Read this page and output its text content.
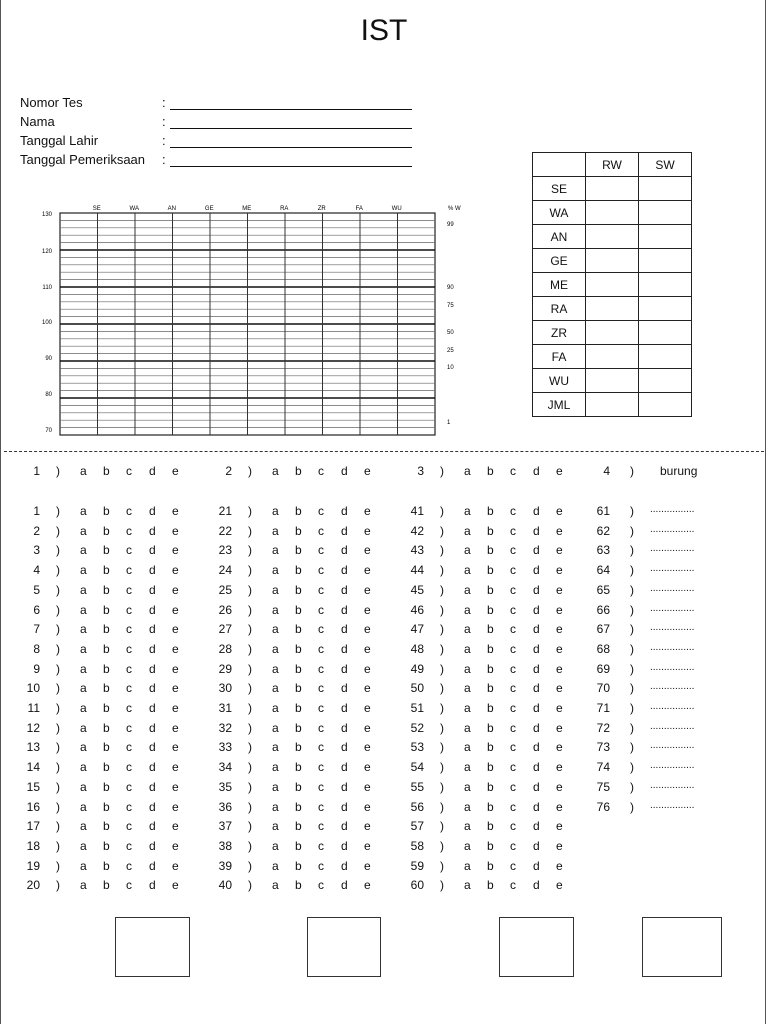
IST
Nomor Tes	:
Nama	:
Tanggal Lahir	:
Tanggal Pemeriksaan :
SE	WA	AN	GE	ME	RA	ZR	FA	WU	% W
130
120
110
100
90
80
70
99
90
75
50
25
10
1
	RW	SW
SE		
WA		
AN		
GE		
ME		
RA		
ZR		
FA		
WU		
JML		
1 ) a b c d e	2 ) a b c d e	3 ) a b c d e	4 ) burung
1 ) a b c d e	21 ) a b c d e	41 ) a b c d e	61 ) ................
2 ) a b c d e	22 ) a b c d e	42 ) a b c d e	62 ) ................
3 ) a b c d e	23 ) a b c d e	43 ) a b c d e	63 ) ................
4 ) a b c d e	24 ) a b c d e	44 ) a b c d e	64 ) ................
5 ) a b c d e	25 ) a b c d e	45 ) a b c d e	65 ) ................
6 ) a b c d e	26 ) a b c d e	46 ) a b c d e	66 ) ................
7 ) a b c d e	27 ) a b c d e	47 ) a b c d e	67 ) ................
8 ) a b c d e	28 ) a b c d e	48 ) a b c d e	68 ) ................
9 ) a b c d e	29 ) a b c d e	49 ) a b c d e	69 ) ................
10 ) a b c d e	30 ) a b c d e	50 ) a b c d e	70 ) ................
11 ) a b c d e	31 ) a b c d e	51 ) a b c d e	71 ) ................
12 ) a b c d e	32 ) a b c d e	52 ) a b c d e	72 ) ................
13 ) a b c d e	33 ) a b c d e	53 ) a b c d e	73 ) ................
14 ) a b c d e	34 ) a b c d e	54 ) a b c d e	74 ) ................
15 ) a b c d e	35 ) a b c d e	55 ) a b c d e	75 ) ................
16 ) a b c d e	36 ) a b c d e	56 ) a b c d e	76 ) ................
17 ) a b c d e	37 ) a b c d e	57 ) a b c d e
18 ) a b c d e	38 ) a b c d e	58 ) a b c d e
19 ) a b c d e	39 ) a b c d e	59 ) a b c d e
20 ) a b c d e	40 ) a b c d e	60 ) a b c d e
